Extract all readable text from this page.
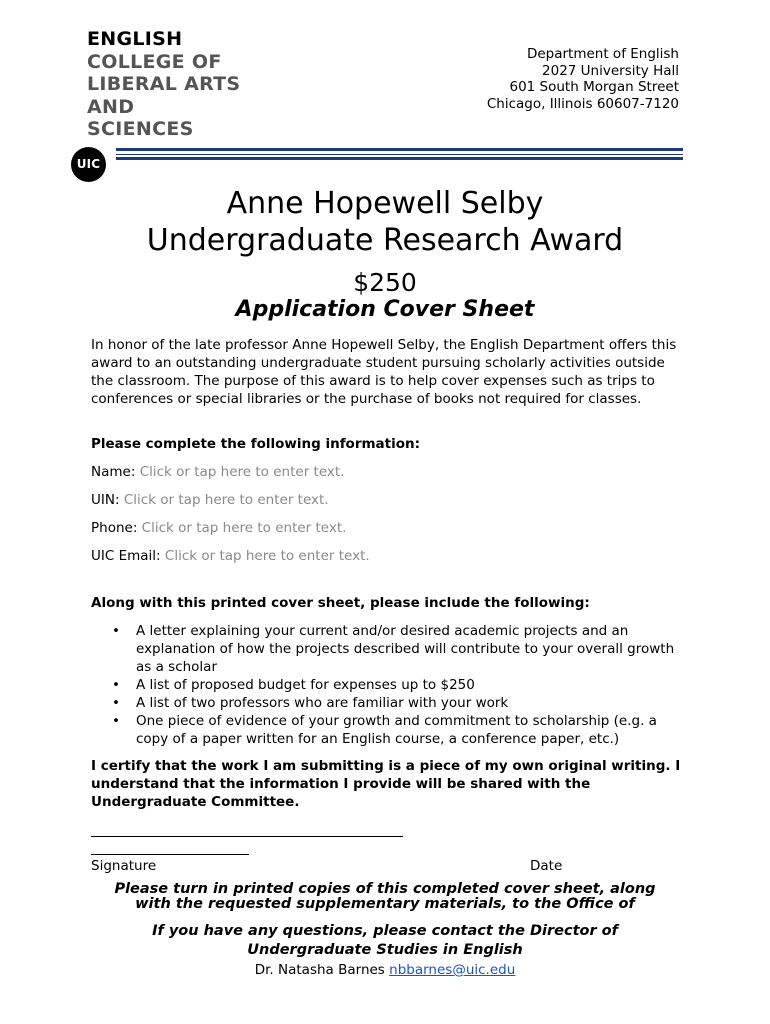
ENGLISH
COLLEGE OF
LIBERAL ARTS
AND
SCIENCES
UIC
Department of English
2027 University Hall
601 South Morgan Street
Chicago, Illinois 60607-7120
Anne Hopewell Selby
Undergraduate Research Award
$250
Application Cover Sheet
In honor of the late professor Anne Hopewell Selby, the English Department offers this award to an outstanding undergraduate student pursuing scholarly activities outside the classroom. The purpose of this award is to help cover expenses such as trips to conferences or special libraries or the purchase of books not required for classes.
Please complete the following information:
Name: Click or tap here to enter text.
UIN: Click or tap here to enter text.
Phone: Click or tap here to enter text.
UIC Email: Click or tap here to enter text.
Along with this printed cover sheet, please include the following:
• A letter explaining your current and/or desired academic projects and an explanation of how the projects described will contribute to your overall growth as a scholar
• A list of proposed budget for expenses up to $250
• A list of two professors who are familiar with your work
• One piece of evidence of your growth and commitment to scholarship (e.g. a copy of a paper written for an English course, a conference paper, etc.)
I certify that the work I am submitting is a piece of my own original writing. I understand that the information I provide will be shared with the Undergraduate Committee.
Signature	Date
Please turn in printed copies of this completed cover sheet, along
with the requested supplementary materials, to the Office of
If you have any questions, please contact the Director of
Undergraduate Studies in English
Dr. Natasha Barnes nbbarnes@uic.edu
